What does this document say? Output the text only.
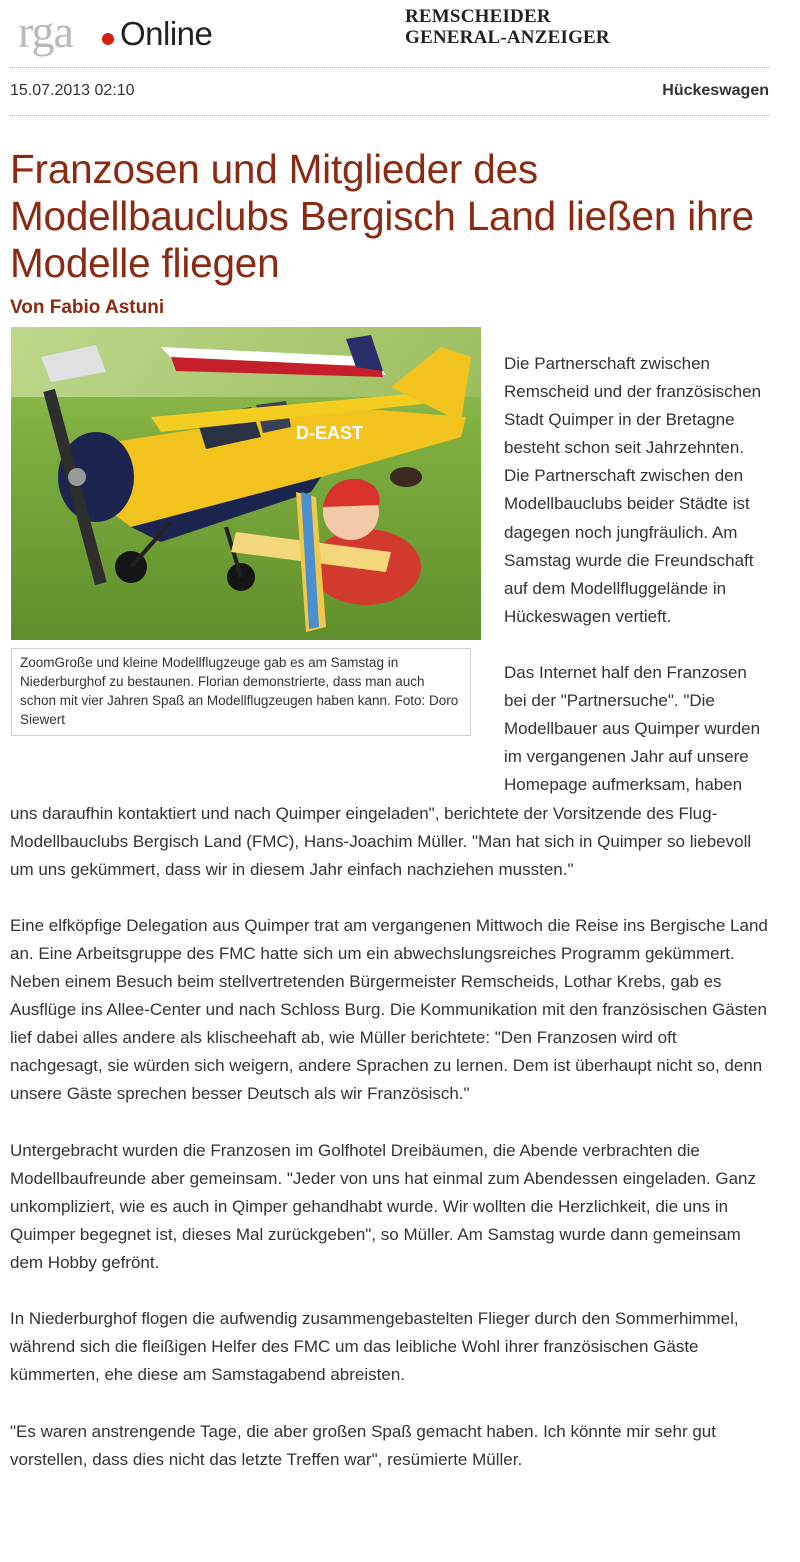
rga Online	REMSCHEIDER
GENERAL-ANZEIGER
15.07.2013 02:10	Hückeswagen
Franzosen und Mitglieder des Modellbauclubs Bergisch Land ließen ihre Modelle fliegen
Von Fabio Astuni
D-EAST
ZoomGroße und kleine Modellflugzeuge gab es am Samstag in Niederburghof zu bestaunen. Florian demonstrierte, dass man auch schon mit vier Jahren Spaß an Modellflugzeugen haben kann. Foto: Doro Siewert

Die Partnerschaft zwischen Remscheid und der französischen Stadt Quimper in der Bretagne besteht schon seit Jahrzehnten. Die Partnerschaft zwischen den Modellbauclubs beider Städte ist dagegen noch jungfräulich. Am Samstag wurde die Freundschaft auf dem Modellfluggelände in Hückeswagen vertieft.

Das Internet half den Franzosen bei der "Partnersuche". "Die Modellbauer aus Quimper wurden im vergangenen Jahr auf unsere Homepage aufmerksam, haben uns daraufhin kontaktiert und nach Quimper eingeladen", berichtete der Vorsitzende des Flug-Modellbauclubs Bergisch Land (FMC), Hans-Joachim Müller. "Man hat sich in Quimper so liebevoll um uns gekümmert, dass wir in diesem Jahr einfach nachziehen mussten."

Eine elfköpfige Delegation aus Quimper trat am vergangenen Mittwoch die Reise ins Bergische Land an. Eine Arbeitsgruppe des FMC hatte sich um ein abwechslungsreiches Programm gekümmert. Neben einem Besuch beim stellvertretenden Bürgermeister Remscheids, Lothar Krebs, gab es Ausflüge ins Allee-Center und nach Schloss Burg. Die Kommunikation mit den französischen Gästen lief dabei alles andere als klischeehaft ab, wie Müller berichtete: "Den Franzosen wird oft nachgesagt, sie würden sich weigern, andere Sprachen zu lernen. Dem ist überhaupt nicht so, denn unsere Gäste sprechen besser Deutsch als wir Französisch."

Untergebracht wurden die Franzosen im Golfhotel Dreibäumen, die Abende verbrachten die Modellbaufreunde aber gemeinsam. "Jeder von uns hat einmal zum Abendessen eingeladen. Ganz unkompliziert, wie es auch in Qimper gehandhabt wurde. Wir wollten die Herzlichkeit, die uns in Quimper begegnet ist, dieses Mal zurückgeben", so Müller. Am Samstag wurde dann gemeinsam dem Hobby gefrönt.

In Niederburghof flogen die aufwendig zusammengebastelten Flieger durch den Sommerhimmel, während sich die fleißigen Helfer des FMC um das leibliche Wohl ihrer französischen Gäste kümmerten, ehe diese am Samstagabend abreisten.

"Es waren anstrengende Tage, die aber großen Spaß gemacht haben. Ich könnte mir sehr gut vorstellen, dass dies nicht das letzte Treffen war", resümierte Müller.
